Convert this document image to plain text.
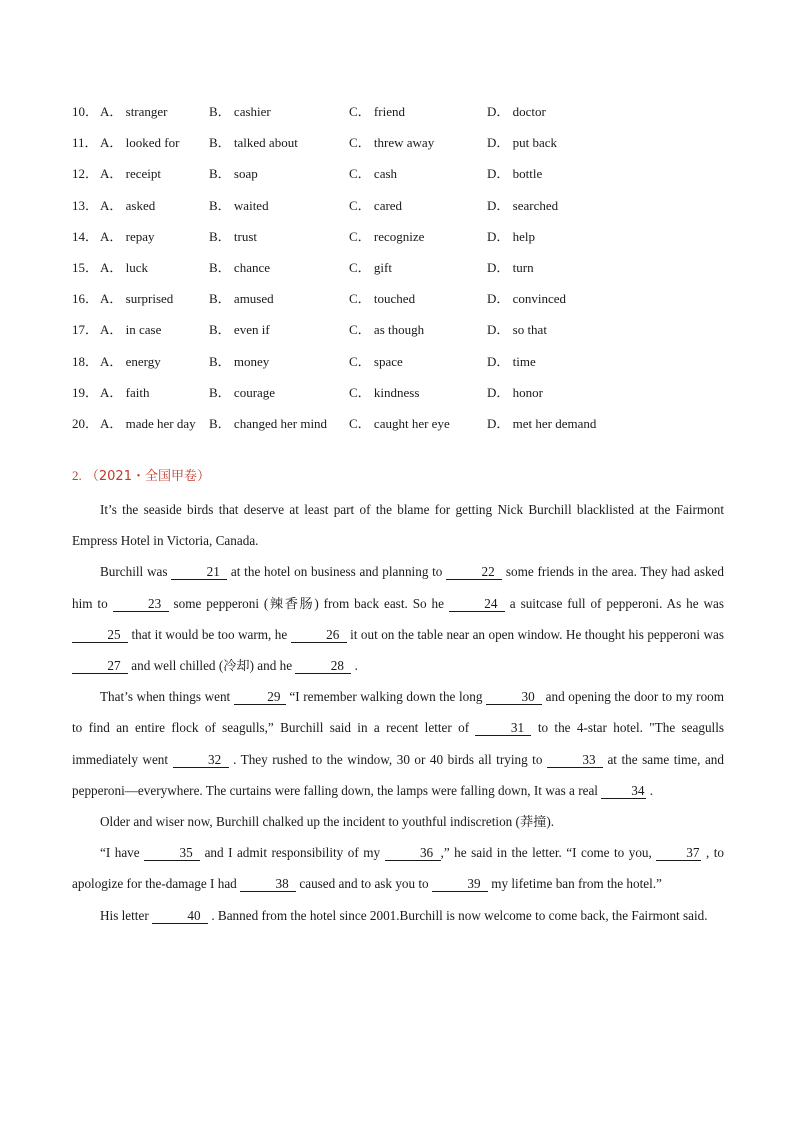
10． A． stranger	B． cashier	C． friend	D． doctor
11． A． looked for B． talked about	C． threw away	D． put back
12． A． receipt	B． soap	C． cash	D． bottle
13． A． asked	B． waited	C． cared	D． searched
14． A． repay	B． trust	C． recognize	D． help
15． A． luck	B． chance	C． gift	D． turn
16． A． surprised	B． amused	C． touched	D． convinced
17． A． in case	B． even if	C． as though	D． so that
18． A． energy	B． money	C． space	D． time
19． A． faith	B． courage	C． kindness	D． honor
20． A． made her day B． changed her mind C． caught her eye	D． met her demand
2. （2021・全国甲卷）

It’s the seaside birds that deserve at least part of the blame for getting Nick Burchill blacklisted at the Fairmont Empress Hotel in Victoria, Canada.

Burchill was	21 at the hotel on business and planning to	22 some friends in the area. They had asked him to	23 some pepperoni (辣香肠) from back east. So he	24 a suitcase full of pepperoni. As he was 25 that it would be too warm, he	26 it out on the table near an open window. He thought his pepperoni was 27 and well chilled (冷却) and he	28 .

That’s when things went	29 “I remember walking down the long	30 and opening the door to my room to find an entire flock of seagulls,” Burchill said in a recent letter of	31 to the 4-star hotel. "The seagulls immediately went	32 . They rushed to the window, 30 or 40 birds all trying to	33 at the same time, and pepperoni—everywhere. The curtains were falling down, the lamps were falling down, It was a real 34 .

Older and wiser now, Burchill chalked up the incident to youthful indiscretion (莽撞).

“I have	35 and I admit responsibility of my	36 ,” he said in the letter. “I come to you, 37 , to apologize for the-damage I had	38 caused and to ask you to	39 my lifetime ban from the hotel.”

His letter	40 . Banned from the hotel since 2001.Burchill is now welcome to come back, the Fairmont said.
